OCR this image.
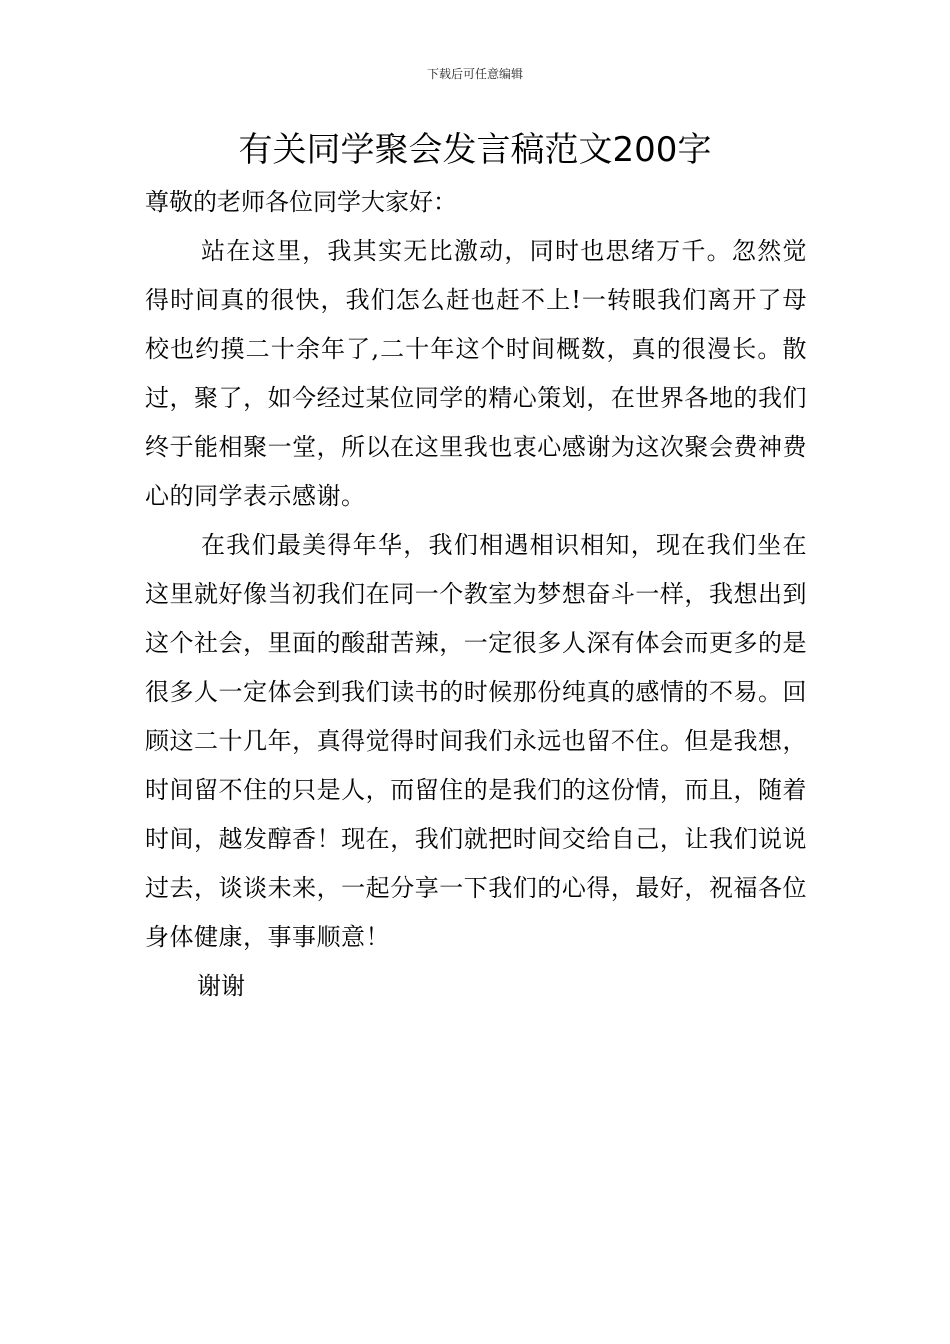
下载后可任意编辑
有关同学聚会发言稿范文200字

尊敬的老师各位同学大家好：

站在这里，我其实无比激动，同时也思绪万千。忽然觉得时间真的很快，我们怎么赶也赶不上!一转眼我们离开了母校也约摸二十余年了,二十年这个时间概数，真的很漫长。散过，聚了，如今经过某位同学的精心策划，在世界各地的我们终于能相聚一堂，所以在这里我也衷心感谢为这次聚会费神费心的同学表示感谢。

在我们最美得年华，我们相遇相识相知，现在我们坐在这里就好像当初我们在同一个教室为梦想奋斗一样，我想出到这个社会，里面的酸甜苦辣，一定很多人深有体会而更多的是很多人一定体会到我们读书的时候那份纯真的感情的不易。回顾这二十几年，真得觉得时间我们永远也留不住。但是我想，时间留不住的只是人，而留住的是我们的这份情，而且，随着时间，越发醇香！现在，我们就把时间交给自己，让我们说说过去，谈谈未来，一起分享一下我们的心得，最好，祝福各位身体健康，事事顺意！

谢谢
